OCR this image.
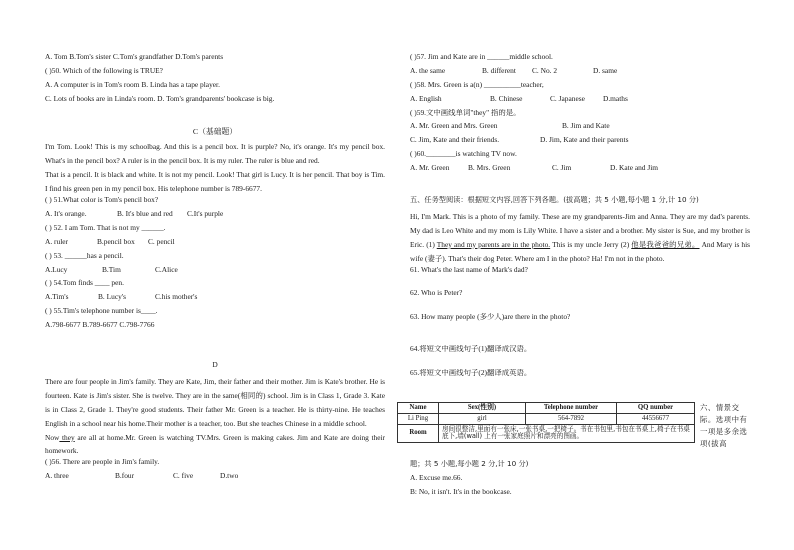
A. Tom B.Tom's sister C.Tom's grandfather D.Tom's parents
( )50. Which of the following is TRUE?
A. A computer is in Tom's room B. Linda has a tape player.
C. Lots of books are in Linda's room. D. Tom's grandparents' bookcase is big.
C（基础题）
I'm Tom. Look! This is my schoolbag. And this is a pencil box. It is purple? No, it's orange. It's my pencil box. What's in the pencil box? A ruler is in the pencil box. It is my ruler. The ruler is blue and red.
That is a pencil. It is black and white. It is not my pencil. Look! That girl is Lucy. It is her pencil. That boy is Tim. I find his green pen in my pencil box. His telephone number is 789-6677.
( ) 51.What color is Tom's pencil box?
A. It's orange.	B. It's blue and red C.It's purple
( ) 52. I am Tom. That is not my ______.
A. ruler	B.pencil box C. pencil
( ) 53. ______has a pencil.
A.Lucy	B.Tim	C.Alice
( ) 54.Tom finds ____ pen.
A.Tim's	B. Lucy's	C.his mother's
( ) 55.Tim's telephone number is____.
A.798-6677 B.789-6677 C.798-7766
D
There are four people in Jim's family. They are Kate, Jim, their father and their mother. Jim is Kate's brother. He is fourteen. Kate is Jim's sister. She is twelve. They are in the same(相同的) school. Jim is in Class 1, Grade 3. Kate is in Class 2, Grade 1. They're good students. Their father Mr. Green is a teacher. He is thirty-nine. He teaches English in a school near his home.Their mother is a teacher, too. But she teaches Chinese in a middle school.
Now they are all at home.Mr. Green is watching TV.Mrs. Green is making cakes. Jim and Kate are doing their homework.
( )56. There are people in Jim's family.
A. three	B.four	C. five	D.two
( )57. Jim and Kate are in ______middle school.
A. the same	B. different C. No. 2	D. same
( )58. Mrs. Green is a(n) __________teacher,
A. English	B. Chinese	C. Japanese D.maths
( )59.文中画线单词"they" 指的是。
A. Mr. Green and Mrs. Green	B. Jim and Kate
C. Jim, Kate and their friends.	D. Jim, Kate and their parents
( )60.________is watching TV now.
A. Mr. Green	B. Mrs. Green	C. Jim	D. Kate and Jim
五、任务型阅读：根据短文内容,回答下列各题。(拔高题；共 5 小题,每小题 1 分,计 10 分)
Hi, I'm Mark. This is a photo of my family. These are my grandparents-Jim and Anna. They are my dad's parents. My dad is Leo White and my mom is Lily White. I have a sister and a brother. My sister is Sue, and my brother is Eric. (1) They and my parents are in the photo. This is my uncle Jerry (2) 他是我爸爸的兄弟。 And Mary is his wife (妻子). That's their dog Peter. Where am I in the photo? Ha! I'm not in the photo.
61. What's the last name of Mark's dad?
62. Who is Peter?
63. How many people (多少人)are there in the photo?
64.将短文中画线句子(1)翻译成汉语。
65.将短文中画线句子(2)翻译成英语。
Name	Sex(性别)	Telephone number	QQ number
Li Ping	girl	564-7892	44556677
Room	房间很整洁,里面有一张床,一张书桌,一把椅子。书在书包里,书包在书桌上,椅子在书桌底下,墙(wall) 上有一张家庭照片和漂亮的图画。		
六、情景交际。选项中有一项是多余选项(拔高
题；共 5 小题,每小题 2 分,计 10 分)
A. Excuse me.66.
B: No, it isn't. It's in the bookcase.
